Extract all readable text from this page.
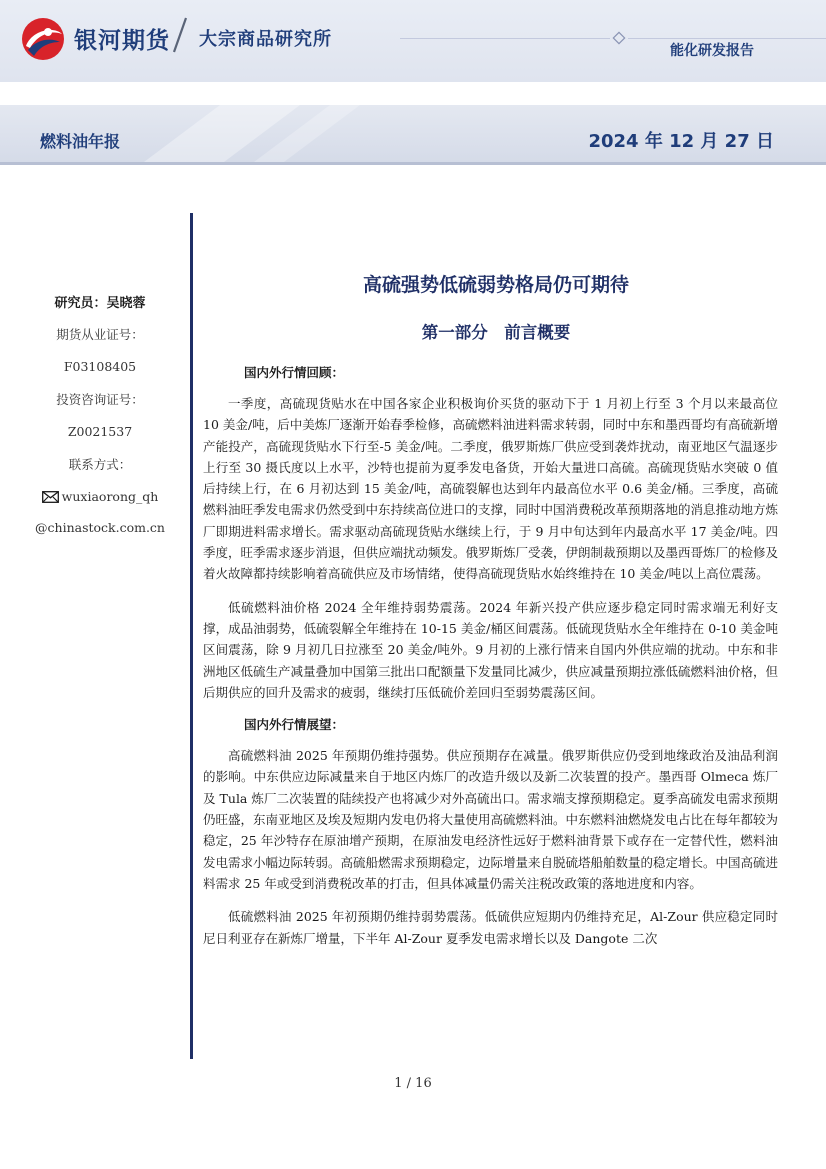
银河期货 大宗商品研究所
能化研发报告
燃料油年报	2024 年 12 月 27 日
研究员：吴晓蓉
期货从业证号：
F03108405
投资咨询证号：
Z0021537
联系方式：
wuxiaorong_qh
@chinastock.com.cn
高硫强势低硫弱势格局仍可期待
第一部分　前言概要
国内外行情回顾：

一季度，高硫现货贴水在中国各家企业积极询价买货的驱动下于 1 月初上行至 3 个月以来最高位 10 美金/吨，后中美炼厂逐渐开始春季检修，高硫燃料油进料需求转弱，同时中东和墨西哥均有高硫新增产能投产，高硫现货贴水下行至-5 美金/吨。二季度，俄罗斯炼厂供应受到袭炸扰动，南亚地区气温逐步上行至 30 摄氏度以上水平，沙特也提前为夏季发电备货，开始大量进口高硫。高硫现货贴水突破 0 值后持续上行，在 6 月初达到 15 美金/吨，高硫裂解也达到年内最高位水平 0.6 美金/桶。三季度，高硫燃料油旺季发电需求仍然受到中东持续高位进口的支撑，同时中国消费税改革预期落地的消息推动地方炼厂即期进料需求增长。需求驱动高硫现货贴水继续上行，于 9 月中旬达到年内最高水平 17 美金/吨。四季度，旺季需求逐步消退，但供应端扰动频发。俄罗斯炼厂受袭，伊朗制裁预期以及墨西哥炼厂的检修及着火故障都持续影响着高硫供应及市场情绪，使得高硫现货贴水始终维持在 10 美金/吨以上高位震荡。

低硫燃料油价格 2024 全年维持弱势震荡。2024 年新兴投产供应逐步稳定同时需求端无利好支撑，成品油弱势，低硫裂解全年维持在 10-15 美金/桶区间震荡。低硫现货贴水全年维持在 0-10 美金吨区间震荡，除 9 月初几日拉涨至 20 美金/吨外。9 月初的上涨行情来自国内外供应端的扰动。中东和非洲地区低硫生产减量叠加中国第三批出口配额量下发量同比减少，供应减量预期拉涨低硫燃料油价格，但后期供应的回升及需求的疲弱，继续打压低硫价差回归至弱势震荡区间。

国内外行情展望：

高硫燃料油 2025 年预期仍维持强势。供应预期存在减量。俄罗斯供应仍受到地缘政治及油品利润的影响。中东供应边际减量来自于地区内炼厂的改造升级以及新二次装置的投产。墨西哥 Olmeca 炼厂及 Tula 炼厂二次装置的陆续投产也将减少对外高硫出口。需求端支撑预期稳定。夏季高硫发电需求预期仍旺盛，东南亚地区及埃及短期内发电仍将大量使用高硫燃料油。中东燃料油燃烧发电占比在每年都较为稳定，25 年沙特存在原油增产预期，在原油发电经济性远好于燃料油背景下或存在一定替代性，燃料油发电需求小幅边际转弱。高硫船燃需求预期稳定，边际增量来自脱硫塔船舶数量的稳定增长。中国高硫进料需求 25 年或受到消费税改革的打击，但具体减量仍需关注税改政策的落地进度和内容。

低硫燃料油 2025 年初预期仍维持弱势震荡。低硫供应短期内仍维持充足，Al-Zour 供应稳定同时尼日利亚存在新炼厂增量，下半年 Al-Zour 夏季发电需求增长以及 Dangote 二次

1 / 16
